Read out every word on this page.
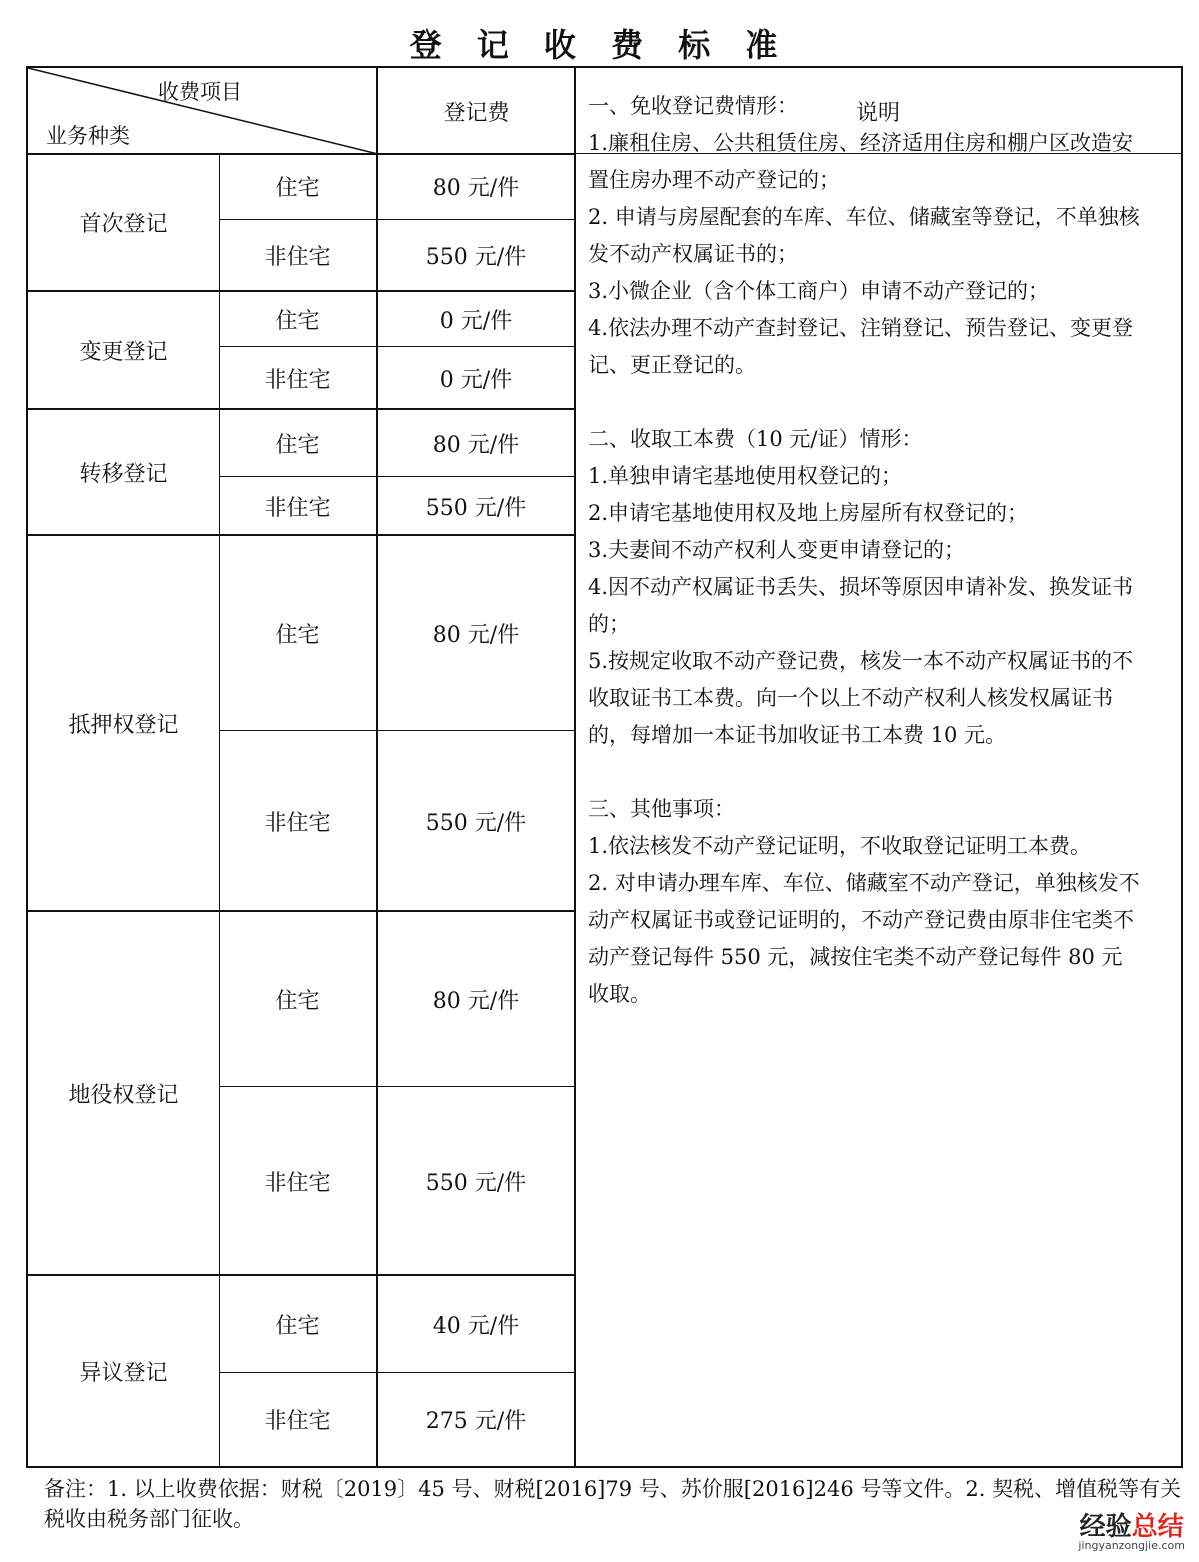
登 记 收 费 标 准
收费项目
业务种类
登记费	说明
首次登记
住宅	80 元/件
非住宅	550 元/件
变更登记
住宅	0 元/件
非住宅	0 元/件
转移登记
住宅	80 元/件
非住宅	550 元/件
抵押权登记
住宅	80 元/件
非住宅	550 元/件
地役权登记
住宅	80 元/件
非住宅	550 元/件
异议登记
住宅	40 元/件
非住宅	275 元/件

一、免收登记费情形：

1.廉租住房、公共租赁住房、经济适用住房和棚户区改造安置住房办理不动产登记的；

2. 申请与房屋配套的车库、车位、储藏室等登记，不单独核发不动产权属证书的；

3.小微企业（含个体工商户）申请不动产登记的；

4.依法办理不动产查封登记、注销登记、预告登记、变更登记、更正登记的。

二、收取工本费（10 元/证）情形：

1.单独申请宅基地使用权登记的；

2.申请宅基地使用权及地上房屋所有权登记的；

3.夫妻间不动产权利人变更申请登记的；

4.因不动产权属证书丢失、损坏等原因申请补发、换发证书的；

5.按规定收取不动产登记费，核发一本不动产权属证书的不收取证书工本费。向一个以上不动产权利人核发权属证书的，每增加一本证书加收证书工本费 10 元。

三、其他事项：

1.依法核发不动产登记证明，不收取登记证明工本费。

2. 对申请办理车库、车位、储藏室不动产登记，单独核发不动产权属证书或登记证明的，不动产登记费由原非住宅类不动产登记每件 550 元，减按住宅类不动产登记每件 80 元收取。

备注：1. 以上收费依据：财税〔2019〕45 号、财税[2016]79 号、苏价服[2016]246 号等文件。2. 契税、增值税等有关税收由税务部门征收。	经验总结
jingyanzongjie.com
